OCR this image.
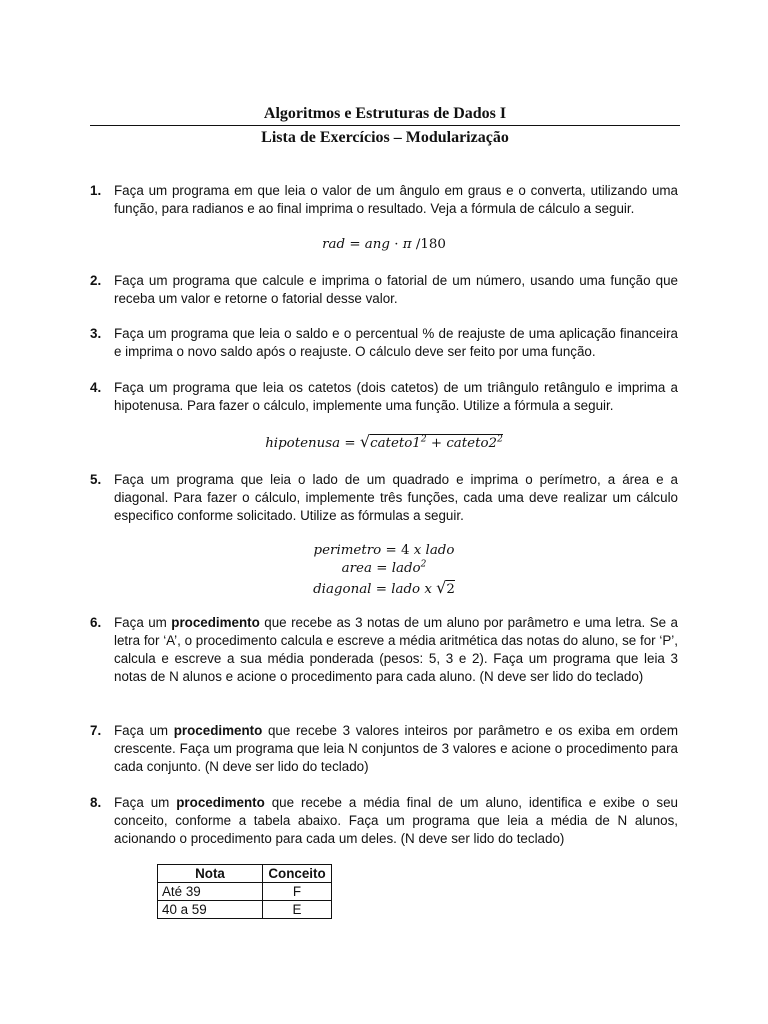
Algoritmos e Estruturas de Dados I
Lista de Exercícios – Modularização
1. Faça um programa em que leia o valor de um ângulo em graus e o converta, utilizando uma função, para radianos e ao final imprima o resultado. Veja a fórmula de cálculo a seguir.
rad = ang · π /180
2. Faça um programa que calcule e imprima o fatorial de um número, usando uma função que receba um valor e retorne o fatorial desse valor.
3. Faça um programa que leia o saldo e o percentual % de reajuste de uma aplicação financeira e imprima o novo saldo após o reajuste. O cálculo deve ser feito por uma função.
4. Faça um programa que leia os catetos (dois catetos) de um triângulo retângulo e imprima a hipotenusa. Para fazer o cálculo, implemente uma função. Utilize a fórmula a seguir.
hipotenusa = $√cateto1^2$ + $cateto2^2$
5. Faça um programa que leia o lado de um quadrado e imprima o perímetro, a área e a diagonal. Para fazer o cálculo, implemente três funções, cada uma deve realizar um cálculo especifico conforme solicitado. Utilize as fórmulas a seguir.
perimetro = 4 x lado
area = lado$^2$
diagonal = lado x √2
6. Faça um procedimento que recebe as 3 notas de um aluno por parâmetro e uma letra. Se a letra for ‘A’, o procedimento calcula e escreve a média aritmética das notas do aluno, se for ‘P’, calcula e escreve a sua média ponderada (pesos: 5, 3 e 2). Faça um programa que leia 3 notas de N alunos e acione o procedimento para cada aluno. (N deve ser lido do teclado)
7. Faça um procedimento que recebe 3 valores inteiros por parâmetro e os exiba em ordem crescente. Faça um programa que leia N conjuntos de 3 valores e acione o procedimento para cada conjunto. (N deve ser lido do teclado)
8. Faça um procedimento que recebe a média final de um aluno, identifica e exibe o seu conceito, conforme a tabela abaixo. Faça um programa que leia a média de N alunos, acionando o procedimento para cada um deles. (N deve ser lido do teclado)
Nota	Conceito
Até 39	F
40 a 59	E
